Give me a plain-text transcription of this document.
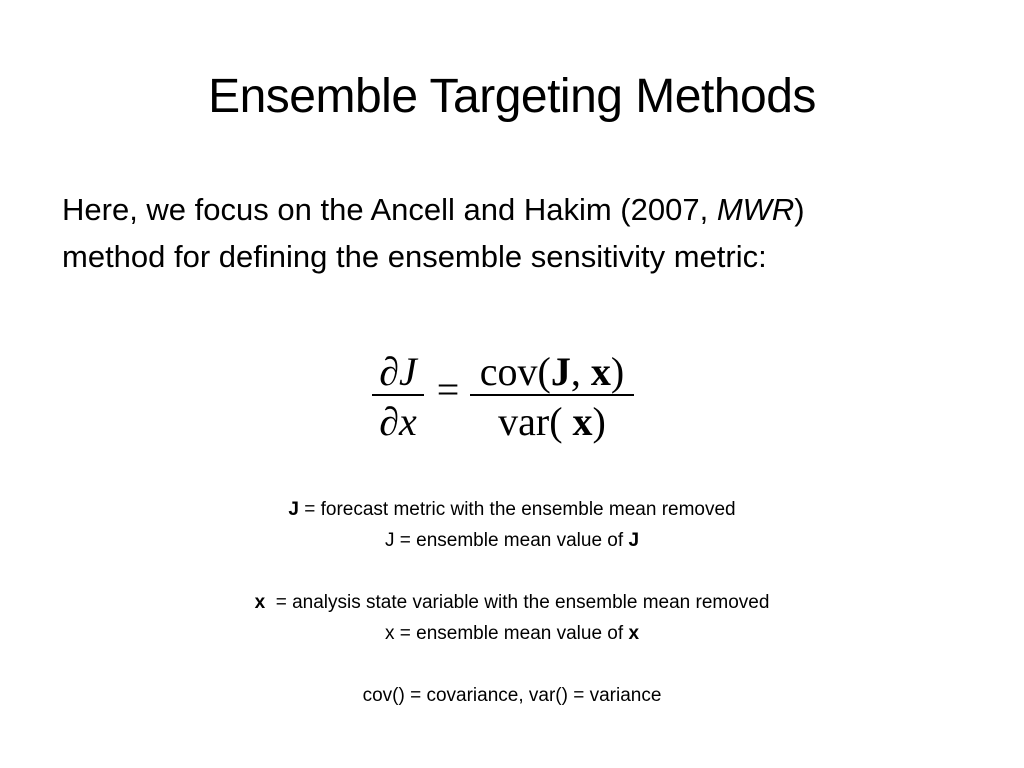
Ensemble Targeting Methods
Here, we focus on the Ancell and Hakim (2007, MWR)
method for defining the ensemble sensitivity metric:
∂J
∂x
= cov(J, x)
var( x)
J = forecast metric with the ensemble mean removed
J = ensemble mean value of J
x  = analysis state variable with the ensemble mean removed
x = ensemble mean value of x
cov() = covariance, var() = variance
